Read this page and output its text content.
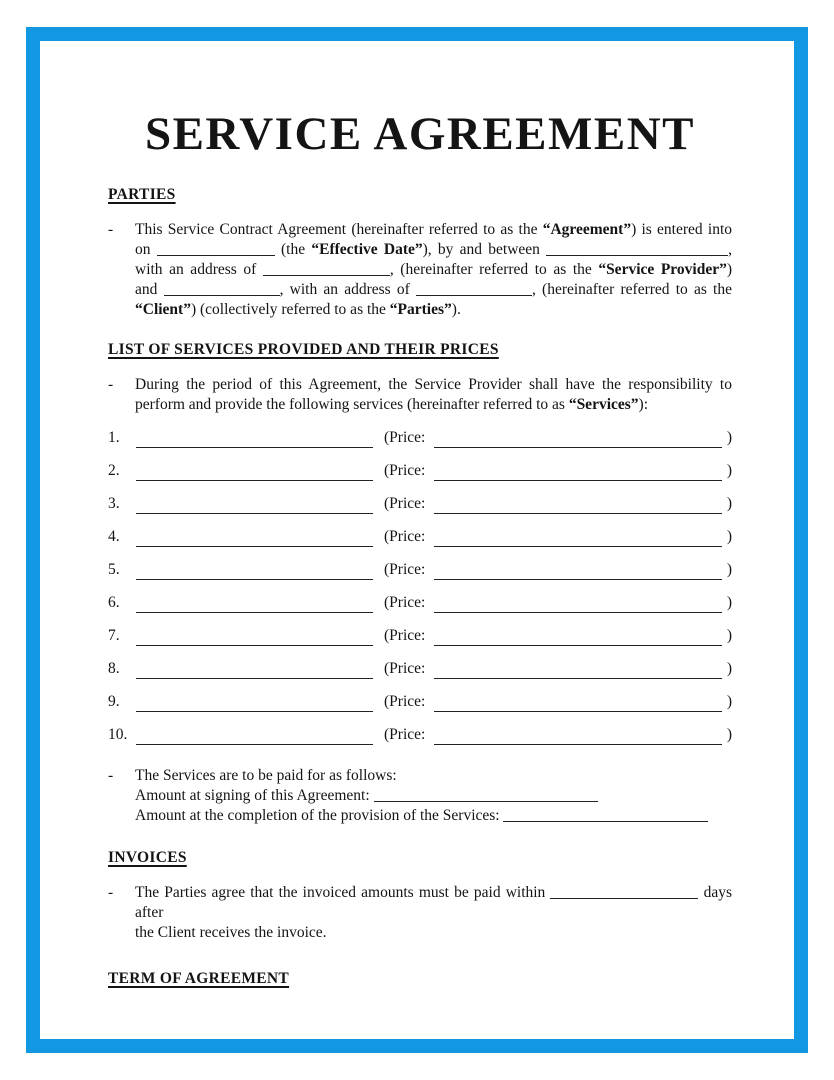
SERVICE AGREEMENT
PARTIES
- This Service Contract Agreement (hereinafter referred to as the “Agreement”) is entered into
on	(the “Effective Date”), by and between	,
with an address of	, (hereinafter referred to as the “Service Provider”)
and	, with an address of	, (hereinafter referred to as the
“Client”) (collectively referred to as the “Parties”).
LIST OF SERVICES PROVIDED AND THEIR PRICES
- During the period of this Agreement, the Service Provider shall have the responsibility to
perform and provide the following services (hereinafter referred to as “Services”):
1.	(Price:	)
2.	(Price:	)
3.	(Price:	)
4.	(Price:	)
5.	(Price:	)
6.	(Price:	)
7.	(Price:	)
8.	(Price:	)
9.	(Price:	)
10.	(Price:	)
- The Services are to be paid for as follows:
Amount at signing of this Agreement:
Amount at the completion of the provision of the Services:
INVOICES
- The Parties agree that the invoiced amounts must be paid within	days after
the Client receives the invoice.
TERM OF AGREEMENT
